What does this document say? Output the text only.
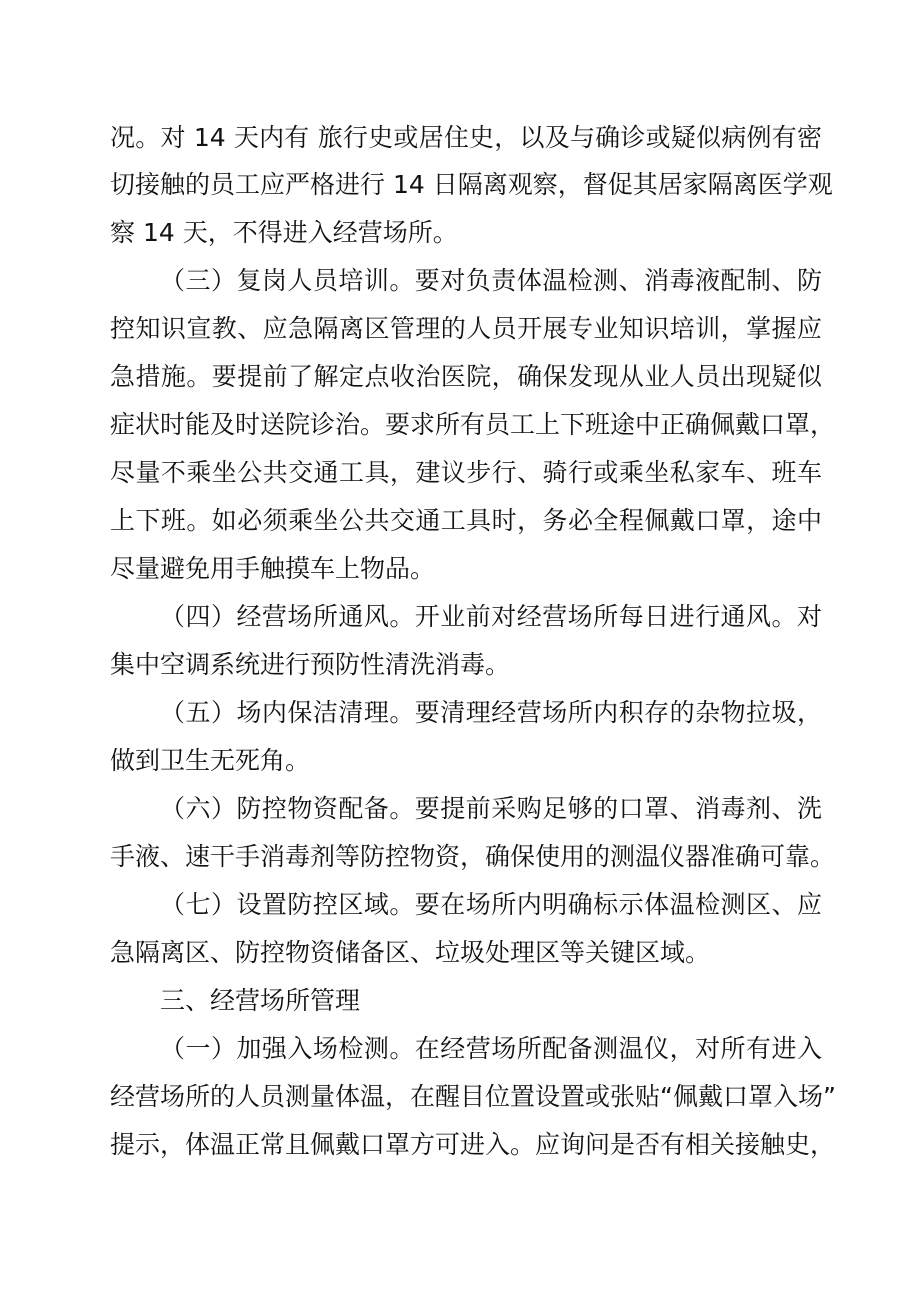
况。对 14 天内有 旅行史或居住史，以及与确诊或疑似病例有密
切接触的员工应严格进行 14 日隔离观察，督促其居家隔离医学观
察 14 天，不得进入经营场所。
（三）复岗人员培训。要对负责体温检测、消毒液配制、防
控知识宣教、应急隔离区管理的人员开展专业知识培训，掌握应
急措施。要提前了解定点收治医院，确保发现从业人员出现疑似
症状时能及时送院诊治。要求所有员工上下班途中正确佩戴口罩，
尽量不乘坐公共交通工具，建议步行、骑行或乘坐私家车、班车
上下班。如必须乘坐公共交通工具时，务必全程佩戴口罩，途中
尽量避免用手触摸车上物品。
（四）经营场所通风。开业前对经营场所每日进行通风。对
集中空调系统进行预防性清洗消毒。
（五）场内保洁清理。要清理经营场所内积存的杂物拉圾，
做到卫生无死角。
（六）防控物资配备。要提前采购足够的口罩、消毒剂、洗
手液、速干手消毒剂等防控物资，确保使用的测温仪器准确可靠。
（七）设置防控区域。要在场所内明确标示体温检测区、应
急隔离区、防控物资储备区、垃圾处理区等关键区域。
三、经营场所管理
（一）加强入场检测。在经营场所配备测温仪，对所有进入
经营场所的人员测量体温，在醒目位置设置或张贴“佩戴口罩入场”
提示，体温正常且佩戴口罩方可进入。应询问是否有相关接触史，
